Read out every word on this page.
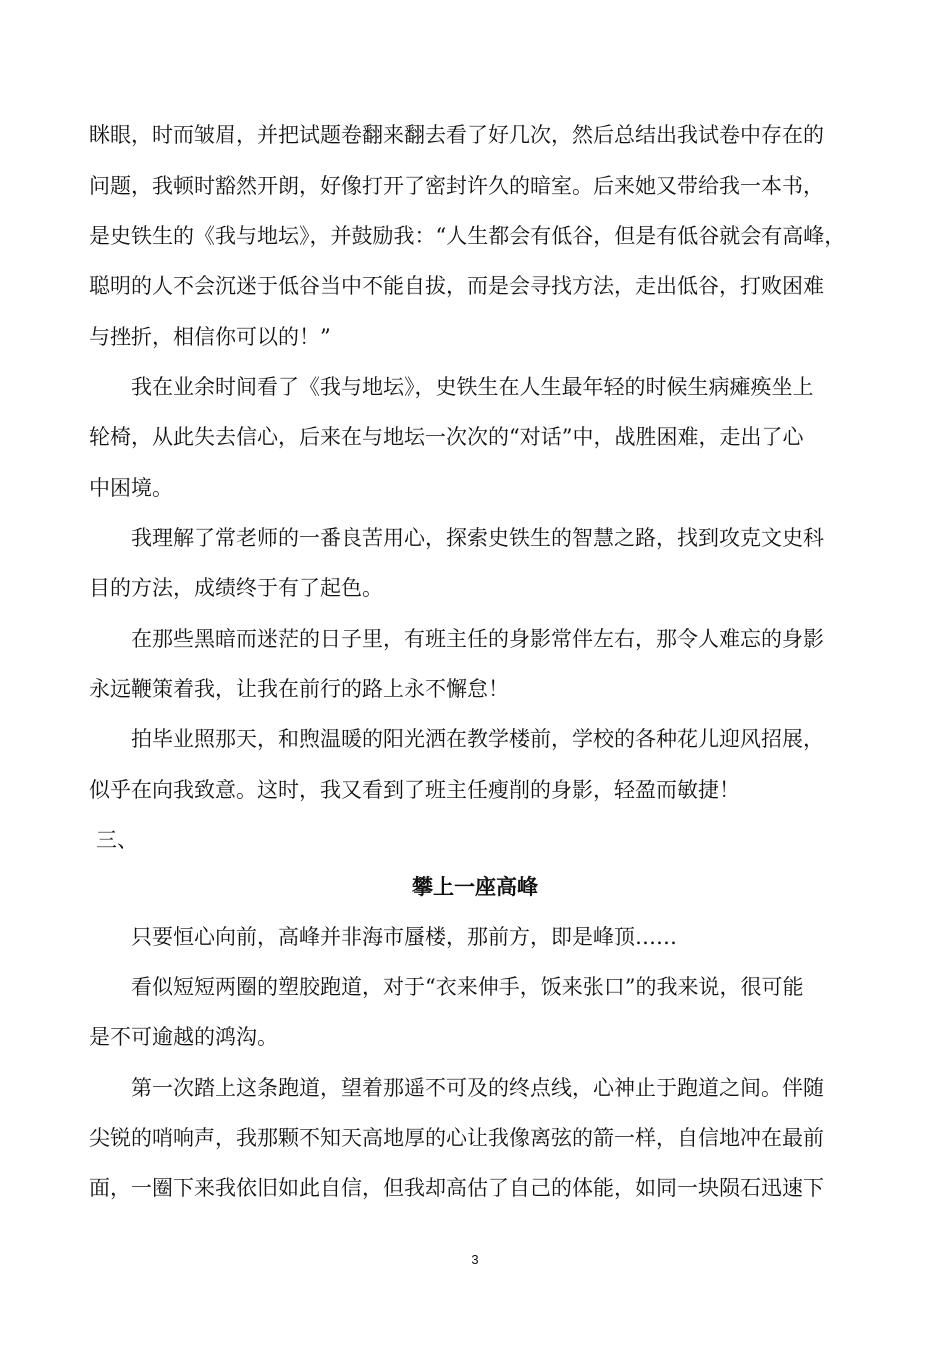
眯眼，时而皱眉，并把试题卷翻来翻去看了好几次，然后总结出我试卷中存在的
问题，我顿时豁然开朗，好像打开了密封许久的暗室。后来她又带给我一本书，
是史铁生的《我与地坛》，并鼓励我：“人生都会有低谷，但是有低谷就会有高峰，
聪明的人不会沉迷于低谷当中不能自拔，而是会寻找方法，走出低谷，打败困难
与挫折，相信你可以的！”
我在业余时间看了《我与地坛》，史铁生在人生最年轻的时候生病瘫痪坐上
轮椅，从此失去信心，后来在与地坛一次次的“对话”中，战胜困难，走出了心
中困境。
我理解了常老师的一番良苦用心，探索史铁生的智慧之路，找到攻克文史科
目的方法，成绩终于有了起色。
在那些黑暗而迷茫的日子里，有班主任的身影常伴左右，那令人难忘的身影
永远鞭策着我，让我在前行的路上永不懈怠！
拍毕业照那天，和煦温暖的阳光洒在教学楼前，学校的各种花儿迎风招展，
似乎在向我致意。这时，我又看到了班主任瘦削的身影，轻盈而敏捷！
三、
攀上一座高峰
只要恒心向前，高峰并非海市蜃楼，那前方，即是峰顶……
看似短短两圈的塑胶跑道，对于“衣来伸手，饭来张口”的我来说，很可能
是不可逾越的鸿沟。
第一次踏上这条跑道，望着那遥不可及的终点线，心神止于跑道之间。伴随
尖锐的哨响声，我那颗不知天高地厚的心让我像离弦的箭一样，自信地冲在最前
面，一圈下来我依旧如此自信，但我却高估了自己的体能，如同一块陨石迅速下
3
